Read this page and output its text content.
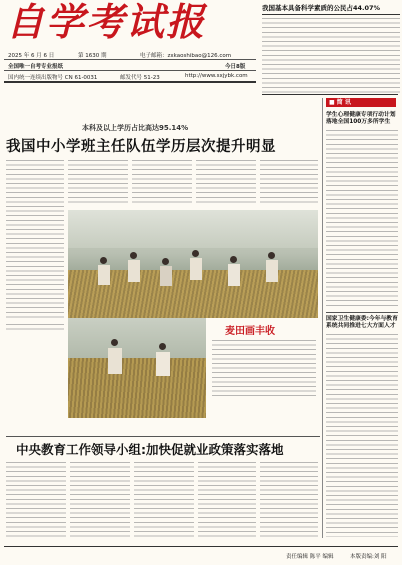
自学考试报
2025 年 6 月 6 日	第 1630 期	电子邮箱：zxkaoshibao@126.com
全国唯一自考专业报纸	今日8版
国内统一连续出版物号 CN 61-0031	邮发代号 51-23	http://www.sxjybk.com
我国基本具备科学素质的公民占44.07%
■ 简 讯
学生心理健康专项行动计划落地全国100万多所学生
国家卫生健康委:今年与教育系统共同推进七大方面人才
本科及以上学历占比高达95.14%
我国中小学班主任队伍学历层次提升明显
麦田画丰收
中央教育工作领导小组:加快促就业政策落实落地
责任编辑 陈平 编辑	本版责编:刘 阳
